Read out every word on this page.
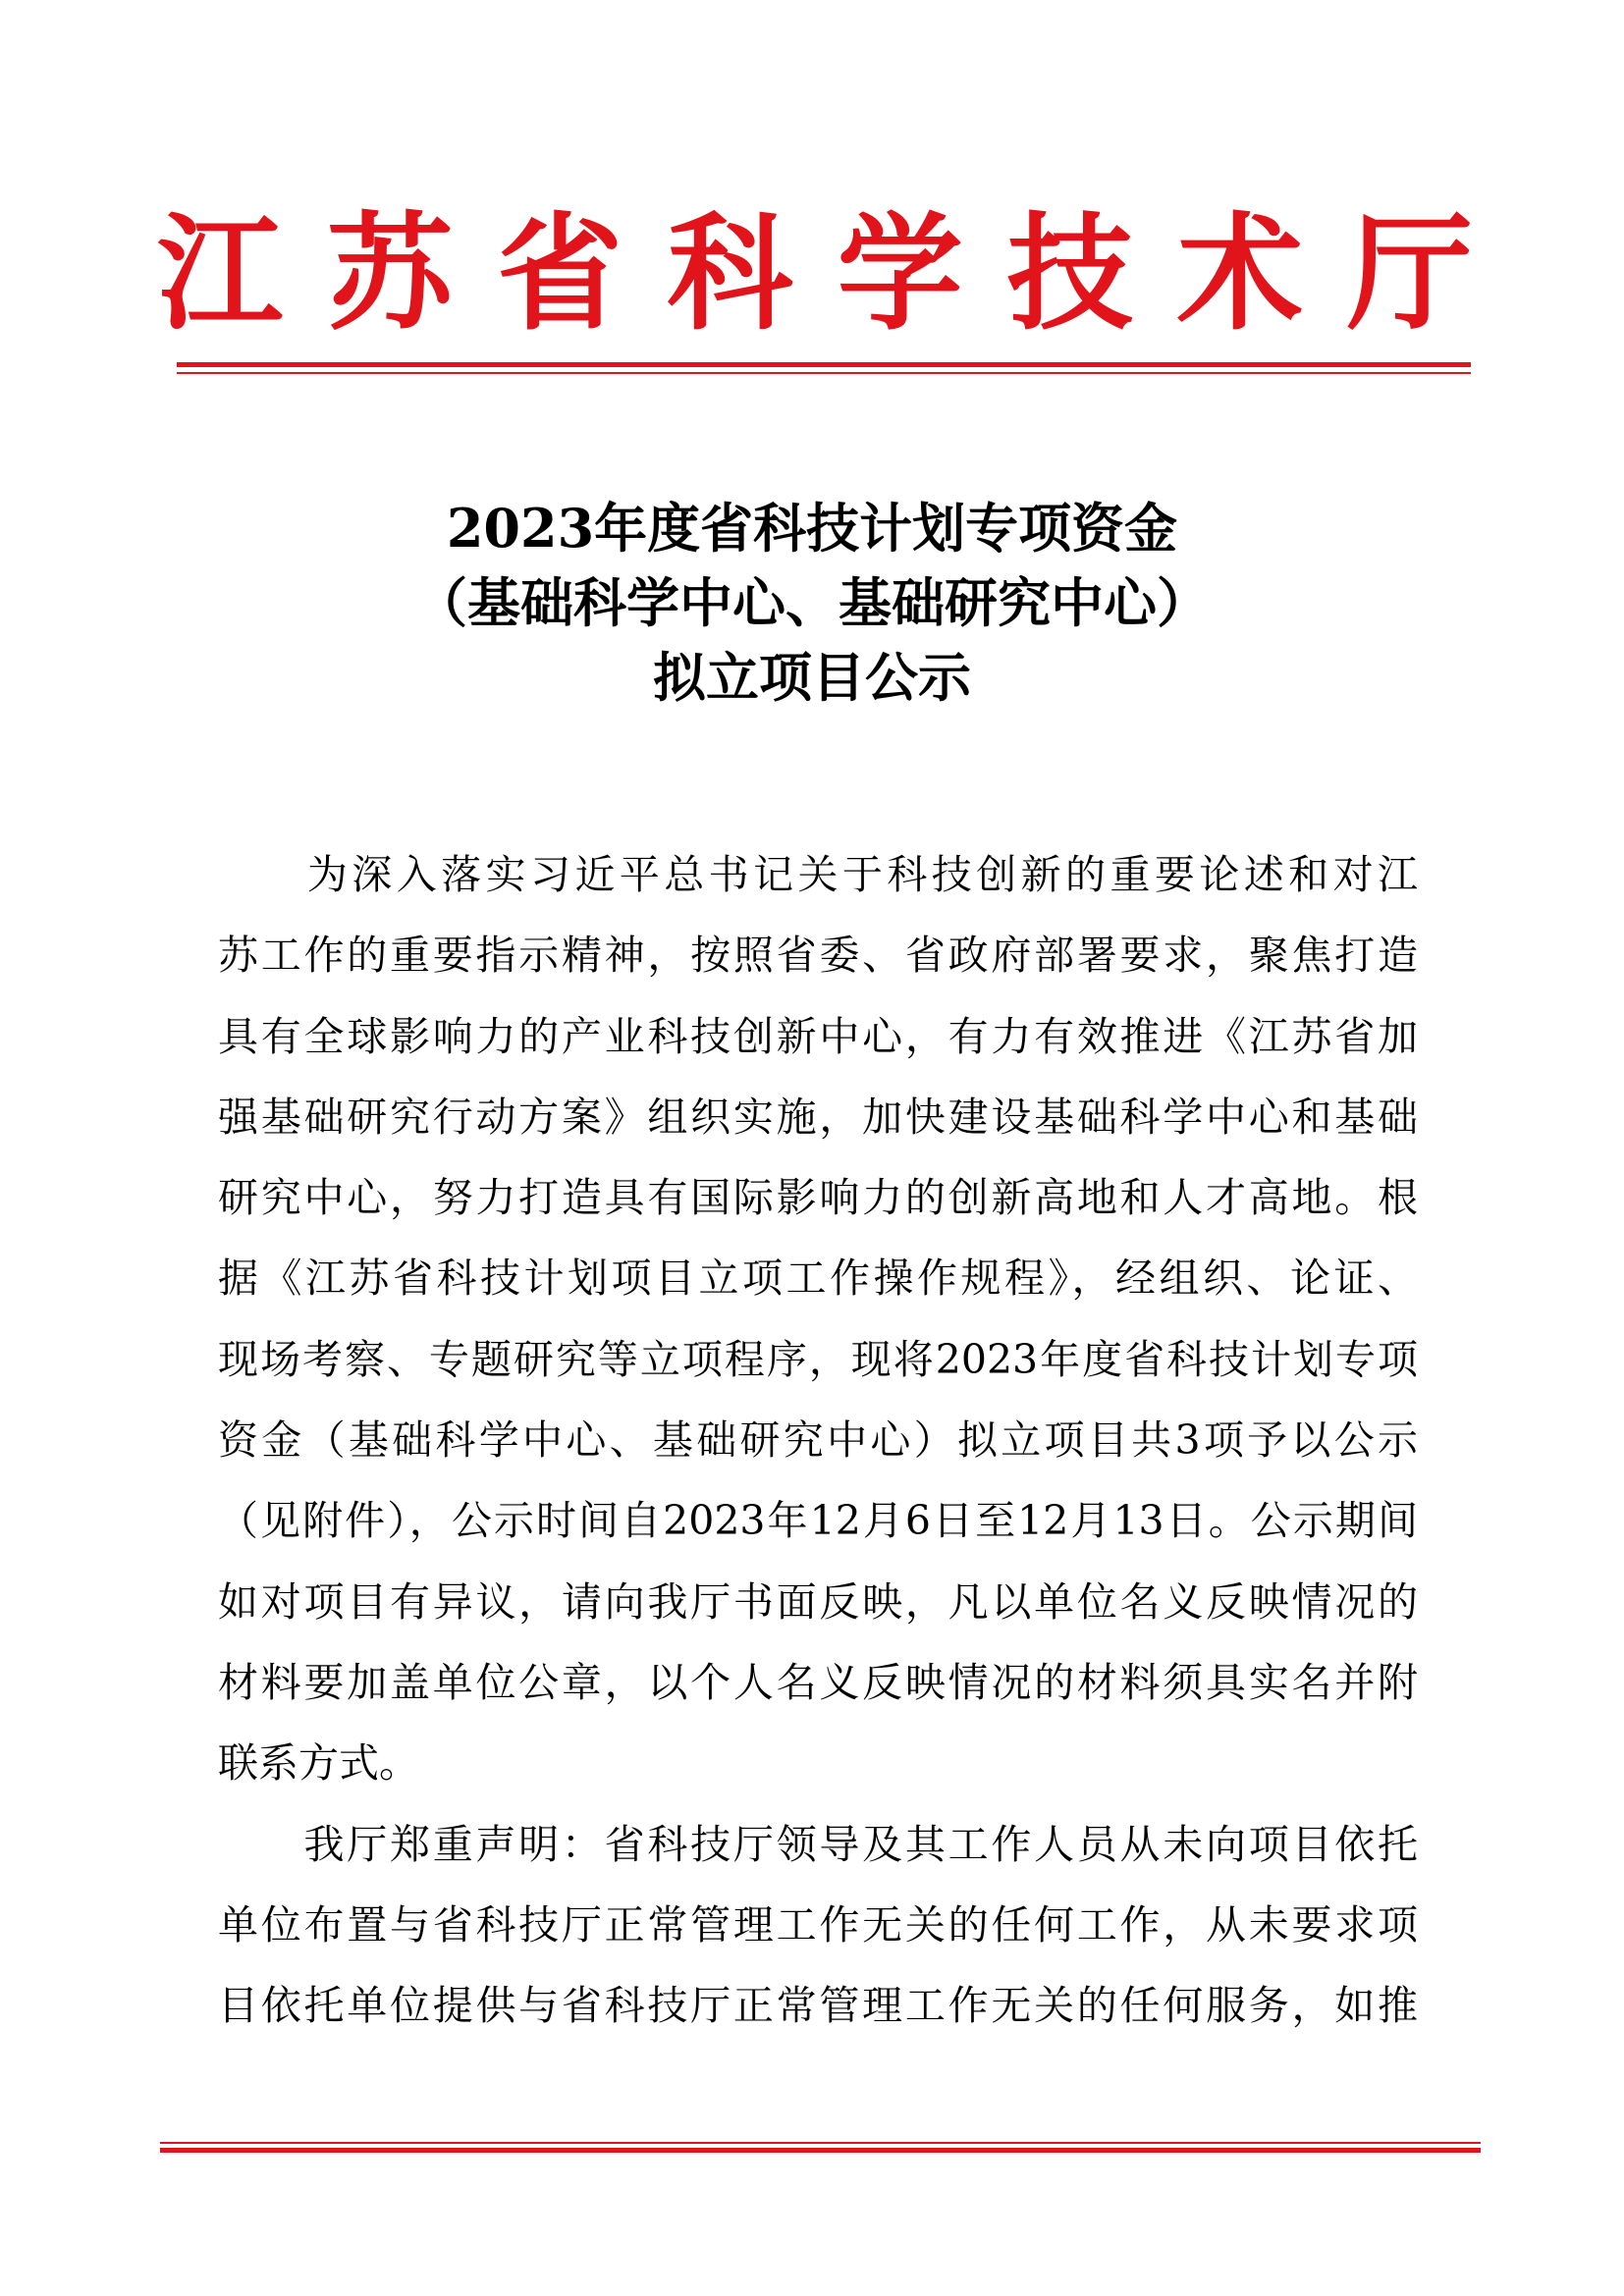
江 苏 省 科 学 技 术 厅
2023年度省科技计划专项资金
（基础科学中心、基础研究中心）
拟立项目公示
　　为深入落实习近平总书记关于科技创新的重要论述和对江
苏工作的重要指示精神，按照省委、省政府部署要求，聚焦打造
具有全球影响力的产业科技创新中心，有力有效推进《江苏省加
强基础研究行动方案》组织实施，加快建设基础科学中心和基础
研究中心，努力打造具有国际影响力的创新高地和人才高地。根
据《江苏省科技计划项目立项工作操作规程》，经组织、论证、
现场考察、专题研究等立项程序，现将2023年度省科技计划专项
资金（基础科学中心、基础研究中心）拟立项目共3项予以公示
（见附件），公示时间自2023年12月6日至12月13日。公示期间
如对项目有异议，请向我厅书面反映，凡以单位名义反映情况的
材料要加盖单位公章，以个人名义反映情况的材料须具实名并附
联系方式。
　　我厅郑重声明：省科技厅领导及其工作人员从未向项目依托
单位布置与省科技厅正常管理工作无关的任何工作，从未要求项
目依托单位提供与省科技厅正常管理工作无关的任何服务，如推
